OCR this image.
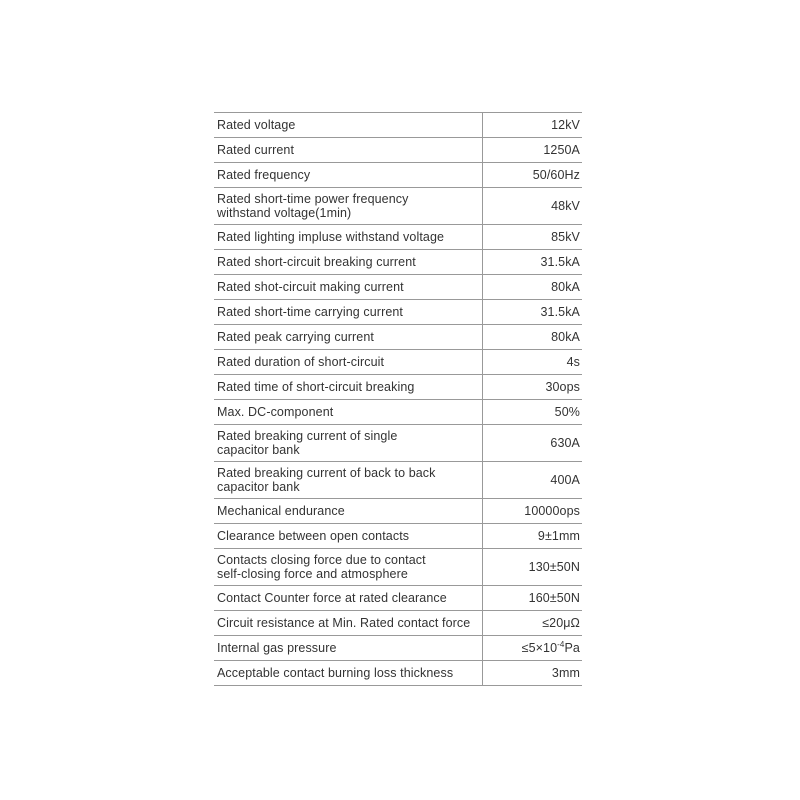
Rated voltage	12kV
Rated current	1250A
Rated frequency	50/60Hz
Rated short-time power frequency
withstand voltage(1min)	48kV
Rated lighting impluse withstand voltage	85kV
Rated short-circuit breaking current	31.5kA
Rated shot-circuit making current	80kA
Rated short-time carrying current	31.5kA
Rated peak carrying current	80kA
Rated duration of short-circuit	4s
Rated time of short-circuit breaking	30ops
Max. DC-component	50%
Rated breaking current of single
capacitor bank	630A
Rated breaking current of back to back
capacitor bank	400A
Mechanical endurance	10000ops
Clearance between open contacts	9±1mm
Contacts closing force due to contact
self-closing force and atmosphere	130±50N
Contact Counter force at rated clearance	160±50N
Circuit resistance at Min. Rated contact force	≤20μΩ
Internal gas pressure	$\le 5\times 10^{-4}Pa$
Acceptable contact burning loss thickness	3mm
